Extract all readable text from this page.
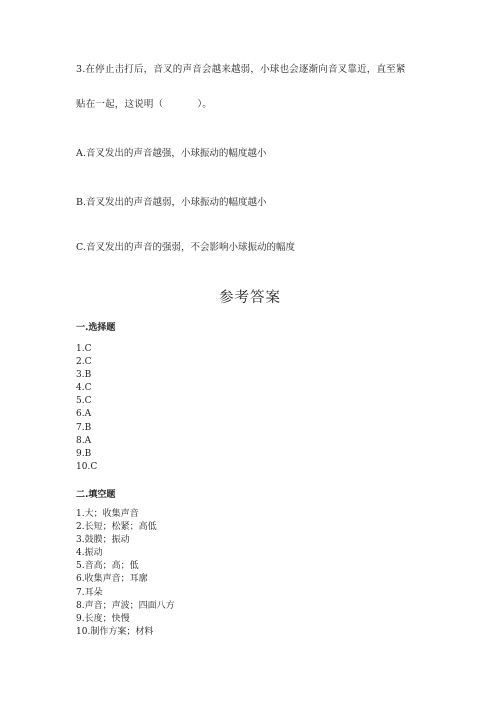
3.在停止击打后，音叉的声音会越来越弱，小球也会逐渐向音叉靠近，直至紧
贴在一起，这说明（	）。
A.音叉发出的声音越强，小球振动的幅度越小
B.音叉发出的声音越弱，小球振动的幅度越小
C.音叉发出的声音的强弱，不会影响小球振动的幅度
参考答案
一.选择题
1.C
2.C
3.B
4.C
5.C
6.A
7.B
8.A
9.B
10.C
二.填空题
1.大；收集声音
2.长短；松紧；高低
3.鼓膜；振动
4.振动
5.音高；高；低
6.收集声音；耳廓
7.耳朵
8.声音；声波；四面八方
9.长度；快慢
10.制作方案；材料
